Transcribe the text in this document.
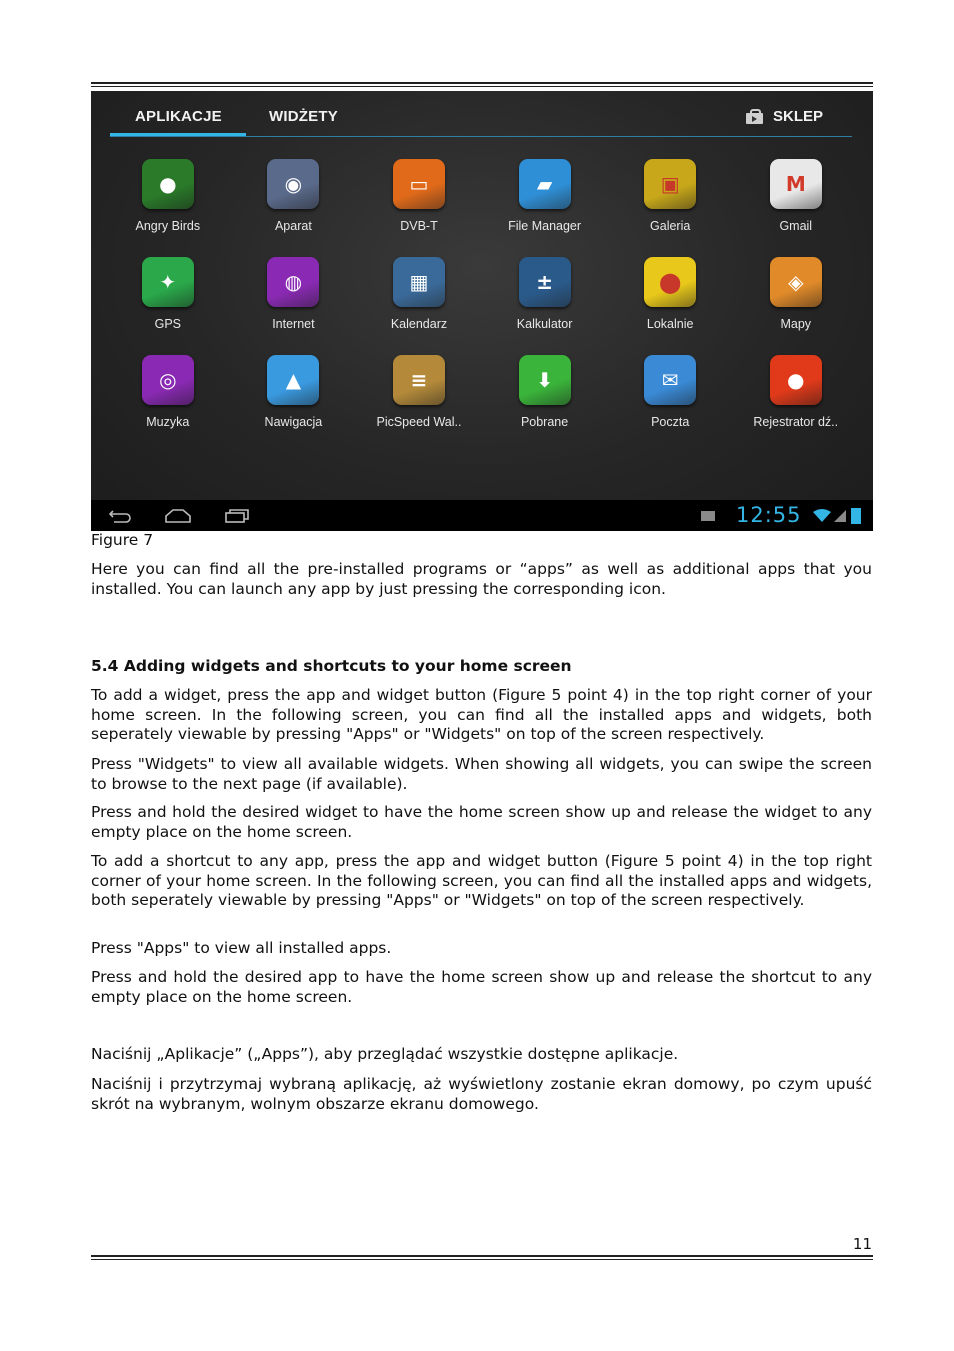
APLIKACJE	WIDŻETY	SKLEP
●
Angry Birds
◉
Aparat
▭
DVB-T
▰
File Manager
▣
Galeria
M
Gmail
✦
GPS
◍
Internet
▦
Kalendarz
±
Kalkulator
⬤
Lokalnie
◈
Mapy
◎
Muzyka
▲
Nawigacja
≡
PicSpeed Wal..
⬇
Pobrane
✉
Poczta
●
Rejestrator dź..
12:55
Figure 7
Here you can find all the pre-installed programs or “apps” as well as additional apps that you installed. You can launch any app by just pressing the corresponding icon.
5.4 Adding widgets and shortcuts to your home screen
To add a widget, press the app and widget button (Figure 5 point 4) in the top right corner of your home screen. In the following screen, you can find all the installed apps and widgets, both seperately viewable by pressing "Apps" or "Widgets" on top of the screen respectively.
Press "Widgets" to view all available widgets. When showing all widgets, you can swipe the screen to browse to the next page (if available).
Press and hold the desired widget to have the home screen show up and release the widget to any empty place on the home screen.
To add a shortcut to any app, press the app and widget button (Figure 5 point 4) in the top right corner of your home screen. In the following screen, you can find all the installed apps and widgets, both seperately viewable by pressing "Apps" or "Widgets" on top of the screen respectively.
Press "Apps" to view all installed apps.
Press and hold the desired app to have the home screen show up and release the shortcut to any empty place on the home screen.
Naciśnij „Aplikacje” („Apps”), aby przeglądać wszystkie dostępne aplikacje.
Naciśnij i przytrzymaj wybraną aplikację, aż wyświetlony zostanie ekran domowy, po czym upuść skrót na wybranym, wolnym obszarze ekranu domowego.
11
